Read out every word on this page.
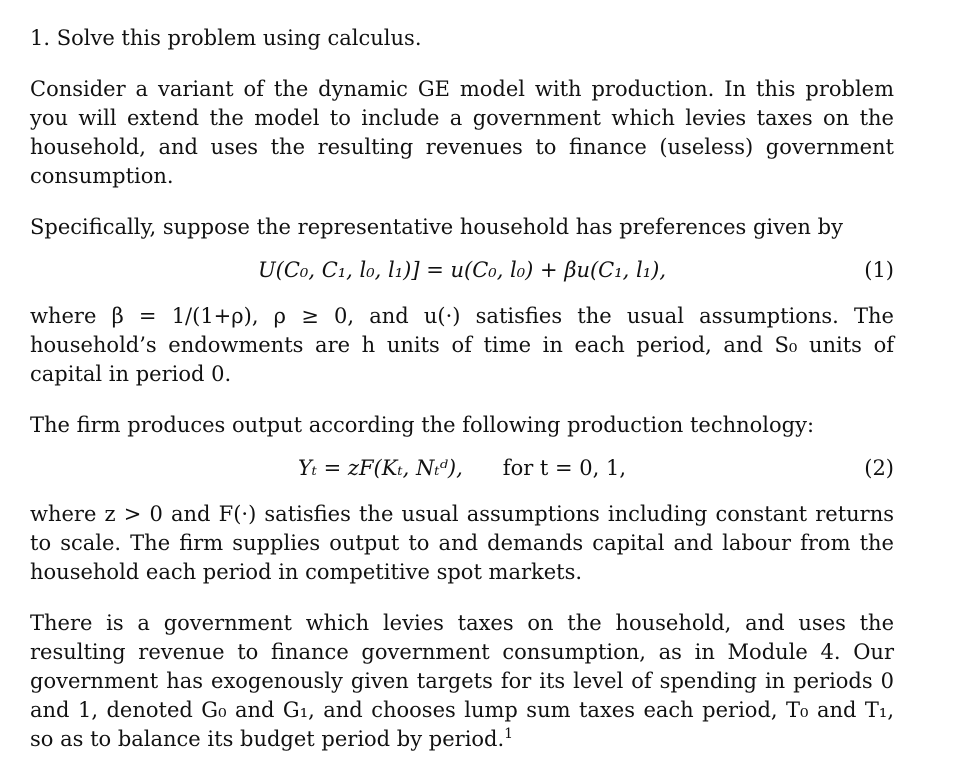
1. Solve this problem using calculus.
Consider a variant of the dynamic GE model with production. In this problem you will extend the model to include a government which levies taxes on the household, and uses the resulting revenues to finance (useless) government consumption.
Specifically, suppose the representative household has preferences given by
U(C₀, C₁, l₀, l₁)] = u(C₀, l₀) + βu(C₁, l₁),	(1)
where β = 1/(1+ρ), ρ ≥ 0, and u(·) satisfies the usual assumptions. The household’s endowments are h units of time in each period, and S₀ units of capital in period 0.
The firm produces output according the following production technology:
Yₜ = zF(Kₜ, Nₜᵈ), for t = 0, 1,	(2)
where z > 0 and F(·) satisfies the usual assumptions including constant returns to scale. The firm supplies output to and demands capital and labour from the household each period in competitive spot markets.
There is a government which levies taxes on the household, and uses the resulting revenue to finance government consumption, as in Module 4. Our government has exogenously given targets for its level of spending in periods 0 and 1, denoted G₀ and G₁, and chooses lump sum taxes each period, T₀ and T₁, so as to balance its budget period by period.$^1$
